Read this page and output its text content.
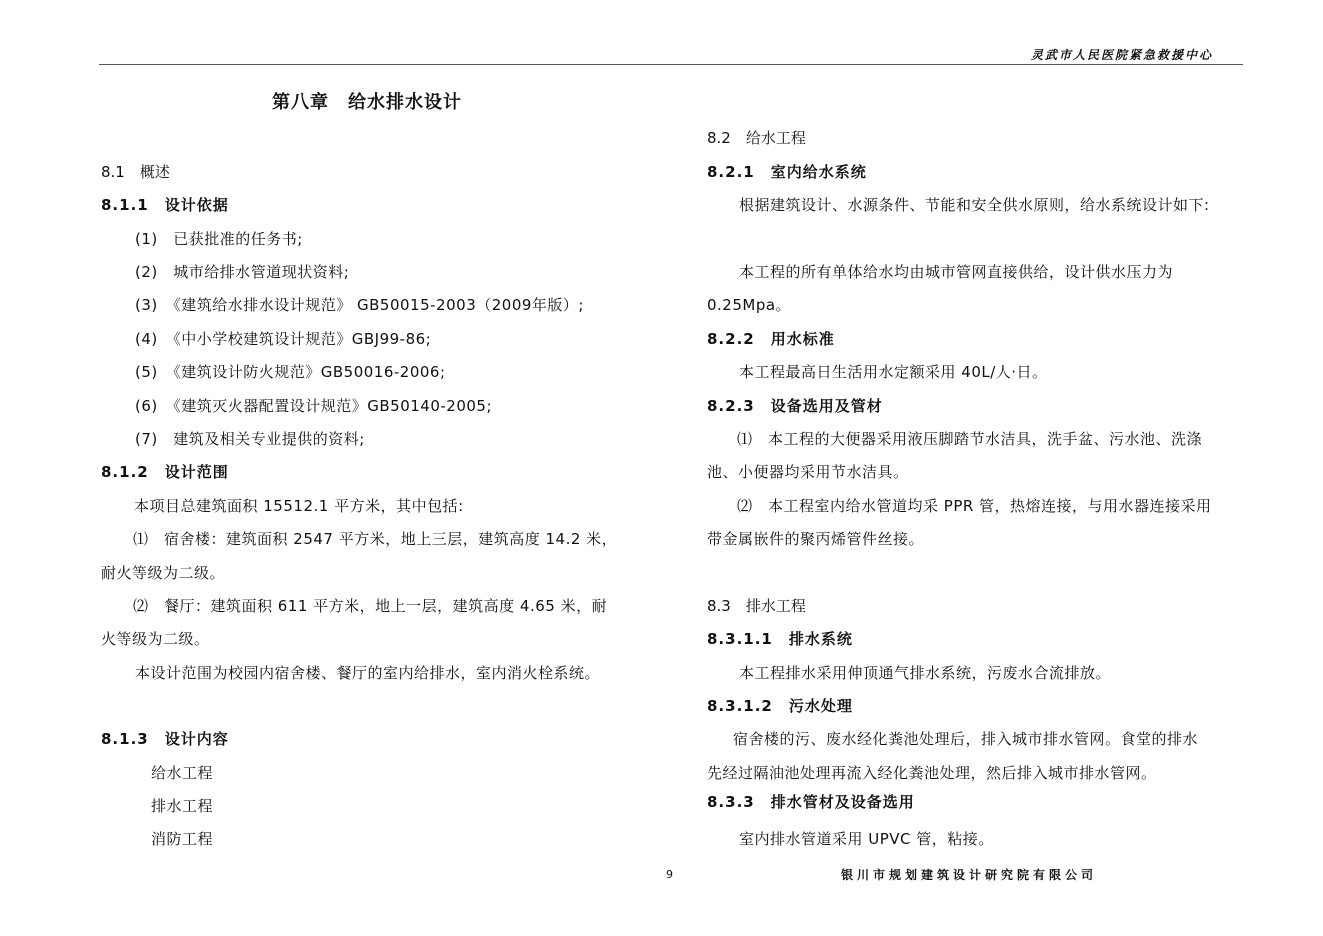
灵武市人民医院紧急救援中心
第八章　给水排水设计
8.1　概述
8.1.1　设计依据
(1)　已获批准的任务书;
(2)　城市给排水管道现状资料;
(3)　《建筑给水排水设计规范》 GB50015-2003（2009年版）;
(4)　《中小学校建筑设计规范》GBJ99-86;
(5)　《建筑设计防火规范》GB50016-2006;
(6)　《建筑灭火器配置设计规范》GB50140-2005;
(7)　建筑及相关专业提供的资料;
8.1.2　设计范围
本项目总建筑面积 15512.1 平方米，其中包括:
⑴　宿舍楼：建筑面积 2547 平方米，地上三层，建筑高度 14.2 米，
耐火等级为二级。
⑵　餐厅：建筑面积 611 平方米，地上一层，建筑高度 4.65 米，耐
火等级为二级。
本设计范围为校园内宿舍楼、餐厅的室内给排水，室内消火栓系统。
8.1.3　设计内容
给水工程
排水工程
消防工程
8.2　给水工程
8.2.1　室内给水系统
根据建筑设计、水源条件、节能和安全供水原则，给水系统设计如下:
本工程的所有单体给水均由城市管网直接供给，设计供水压力为
0.25Mpa。
8.2.2　用水标准
本工程最高日生活用水定额采用 40L/人·日。
8.2.3　设备选用及管材
⑴　本工程的大便器采用液压脚踏节水洁具，洗手盆、污水池、洗涤
池、小便器均采用节水洁具。
⑵　本工程室内给水管道均采 PPR 管，热熔连接，与用水器连接采用
带金属嵌件的聚丙烯管件丝接。
8.3　排水工程
8.3.1.1　排水系统
本工程排水采用伸顶通气排水系统，污废水合流排放。
8.3.1.2　污水处理
宿舍楼的污、废水经化粪池处理后，排入城市排水管网。食堂的排水
先经过隔油池处理再流入经化粪池处理，然后排入城市排水管网。
8.3.3　排水管材及设备选用
室内排水管道采用 UPVC 管，粘接。
9	银川市规划建筑设计研究院有限公司
